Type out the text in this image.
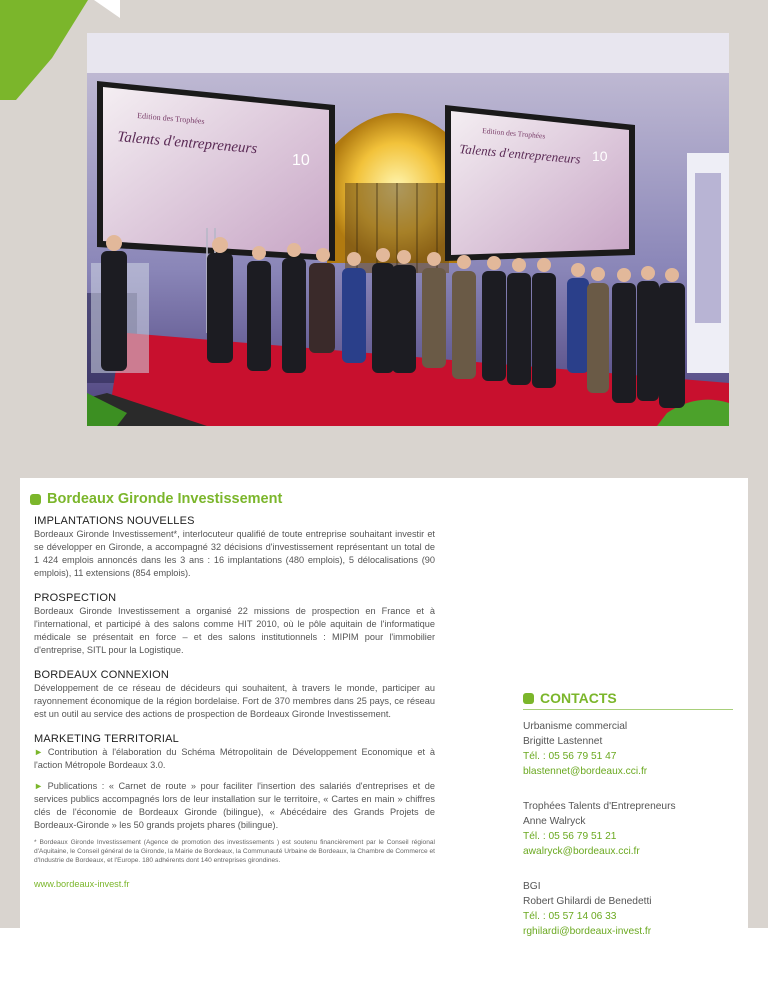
Edition des Trophées
Talents d'entrepreneurs
10
Edition des Trophées
Talents d'entrepreneurs 10
Bordeaux Gironde Investissement
IMPLANTATIONS NOUVELLES
Bordeaux Gironde Investissement*, interlocuteur qualifié de toute entreprise souhaitant investir et se développer en Gironde, a accompagné 32 décisions d'investissement représentant un total de 1 424 emplois annoncés dans les 3 ans : 16 implantations (480 emplois), 5 délocalisations (90 emplois), 11 extensions (854 emplois).
PROSPECTION
Bordeaux Gironde Investissement a organisé 22 missions de prospection en France et à l'international, et participé à des salons comme HIT 2010, où le pôle aquitain de l'informatique médicale se présentait en force – et des salons institutionnels : MIPIM pour l'immobilier d'entreprise, SITL pour la Logistique.
BORDEAUX CONNEXION
Développement de ce réseau de décideurs qui souhaitent, à travers le monde, participer au rayonnement économique de la région bordelaise. Fort de 370 membres dans 25 pays, ce réseau est un outil au service des actions de prospection de Bordeaux Gironde Investissement.
MARKETING TERRITORIAL
► Contribution à l'élaboration du Schéma Métropolitain de Développement Economique et à l'action Métropole Bordeaux 3.0.
► Publications : « Carnet de route » pour faciliter l'insertion des salariés d'entreprises et de services publics accompagnés lors de leur installation sur le territoire, « Cartes en main » chiffres clés de l'économie de Bordeaux Gironde (bilingue), « Abécédaire des Grands Projets de Bordeaux-Gironde » les 50 grands projets phares (bilingue).
* Bordeaux Gironde Investissement (Agence de promotion des investissements ) est soutenu financièrement par le Conseil régional d'Aquitaine, le Conseil général de la Gironde, la Mairie de Bordeaux, la Communauté Urbaine de Bordeaux, la Chambre de Commerce et d'Industrie de Bordeaux, et l'Europe. 180 adhérents dont 140 entreprises girondines.
www.bordeaux-invest.fr
CONTACTS
Urbanisme commercial
Brigitte Lastennet
Tél. : 05 56 79 51 47
blastennet@bordeaux.cci.fr
Trophées Talents d'Entrepreneurs
Anne Walryck
Tél. : 05 56 79 51 21
awalryck@bordeaux.cci.fr
BGI
Robert Ghilardi de Benedetti
Tél. : 05 57 14 06 33
rghilardi@bordeaux-invest.fr
